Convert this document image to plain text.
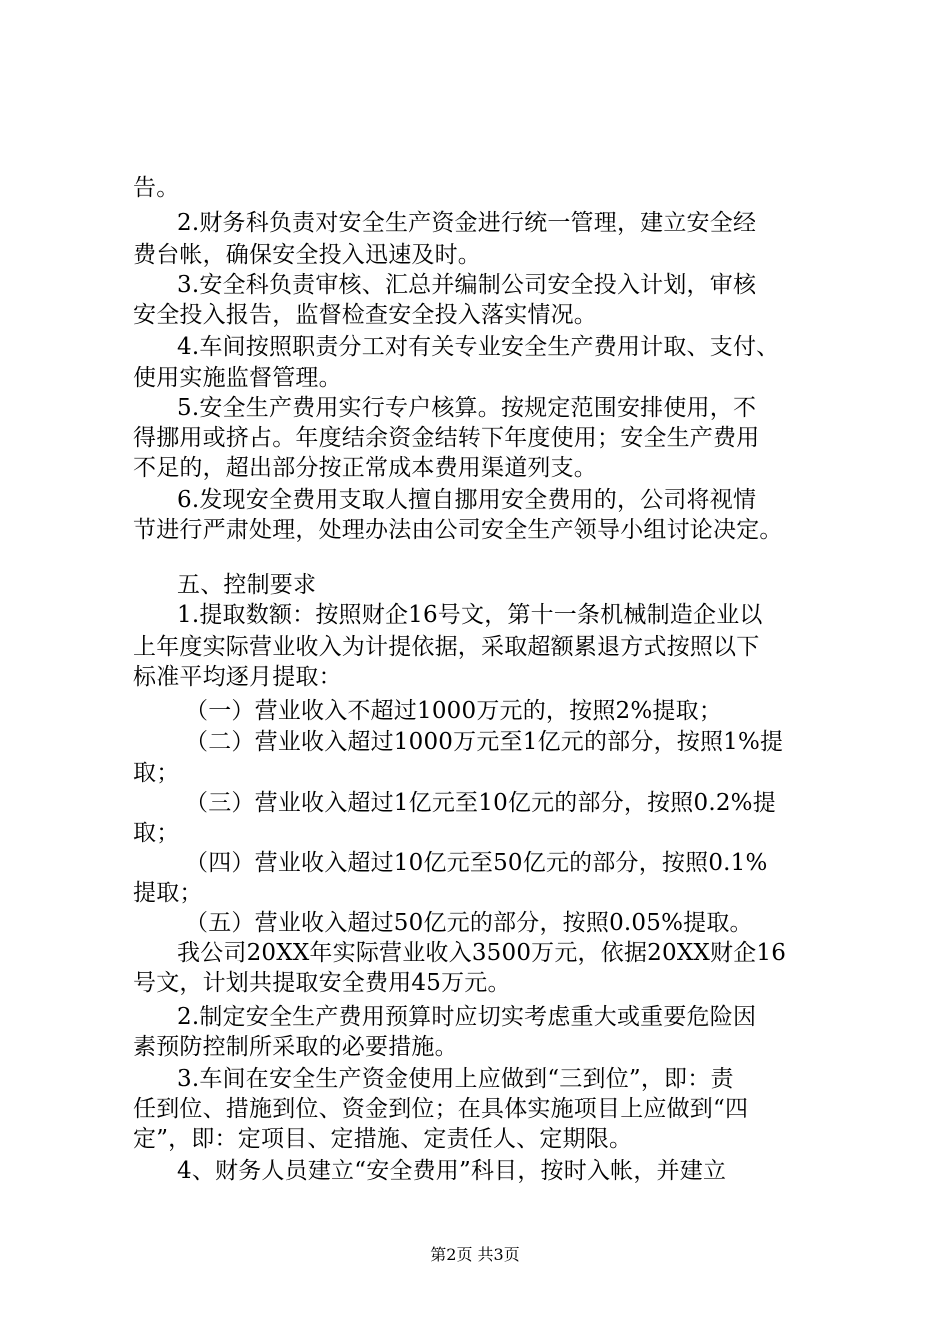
告。
2.财务科负责对安全生产资金进行统一管理，建立安全经
费台帐，确保安全投入迅速及时。
3.安全科负责审核、汇总并编制公司安全投入计划，审核
安全投入报告，监督检查安全投入落实情况。
4.车间按照职责分工对有关专业安全生产费用计取、支付、
使用实施监督管理。
5.安全生产费用实行专户核算。按规定范围安排使用，不
得挪用或挤占。年度结余资金结转下年度使用；安全生产费用
不足的，超出部分按正常成本费用渠道列支。
6.发现安全费用支取人擅自挪用安全费用的，公司将视情
节进行严肃处理，处理办法由公司安全生产领导小组讨论决定。
五、控制要求
1.提取数额：按照财企16号文，第十一条机械制造企业以
上年度实际营业收入为计提依据，采取超额累退方式按照以下
标准平均逐月提取：
（一）营业收入不超过1000万元的，按照2%提取；
（二）营业收入超过1000万元至1亿元的部分，按照1%提
取；
（三）营业收入超过1亿元至10亿元的部分，按照0.2%提
取；
（四）营业收入超过10亿元至50亿元的部分，按照0.1%
提取；
（五）营业收入超过50亿元的部分，按照0.05%提取。
我公司20XX年实际营业收入3500万元，依据20XX财企16
号文，计划共提取安全费用45万元。
2.制定安全生产费用预算时应切实考虑重大或重要危险因
素预防控制所采取的必要措施。
3.车间在安全生产资金使用上应做到“三到位”，即：责
任到位、措施到位、资金到位；在具体实施项目上应做到“四
定”，即：定项目、定措施、定责任人、定期限。
4、财务人员建立“安全费用”科目，按时入帐，并建立
第2页 共3页
